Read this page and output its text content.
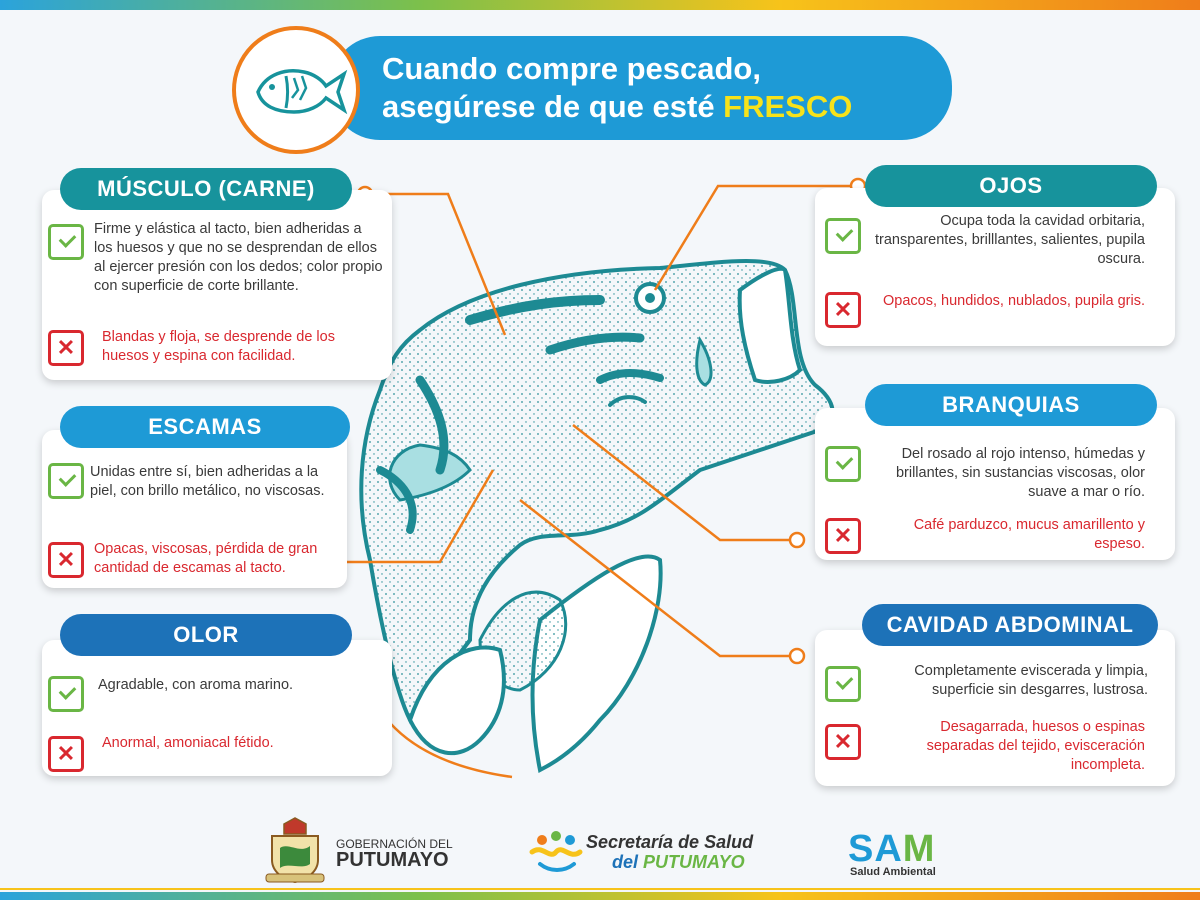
Cuando compre pescado,
asegúrese de que esté FRESCO
MÚSCULO (CARNE)
Firme y elástica al tacto, bien adheridas a los huesos y que no se desprendan de ellos al ejercer presión con los dedos; color propio con superficie de corte brillante.
✕	Blandas y floja, se desprende de los huesos y espina con facilidad.
ESCAMAS
Unidas entre sí, bien adheridas a la piel, con brillo metálico, no viscosas.
✕	Opacas, viscosas, pérdida de gran cantidad de escamas al tacto.
OLOR
Agradable, con aroma marino.
✕	Anormal, amoniacal fétido.
OJOS
Ocupa toda la cavidad orbitaria, transparentes, brilllantes, salientes, pupila oscura.
✕	Opacos, hundidos, nublados, pupila gris.
BRANQUIAS
Del rosado al rojo intenso, húmedas y brillantes, sin sustancias viscosas, olor suave a mar o río.
✕	Café parduzco, mucus amarillento y espeso.
CAVIDAD ABDOMINAL
Completamente eviscerada y limpia, superficie sin desgarres, lustrosa.
✕
Desagarrada, huesos o espinas separadas del tejido, evisceración incompleta.
GOBERNACIÓN DEL
PUTUMAYO
Secretaría de Salud
del PUTUMAYO	SAM
Salud Ambiental
